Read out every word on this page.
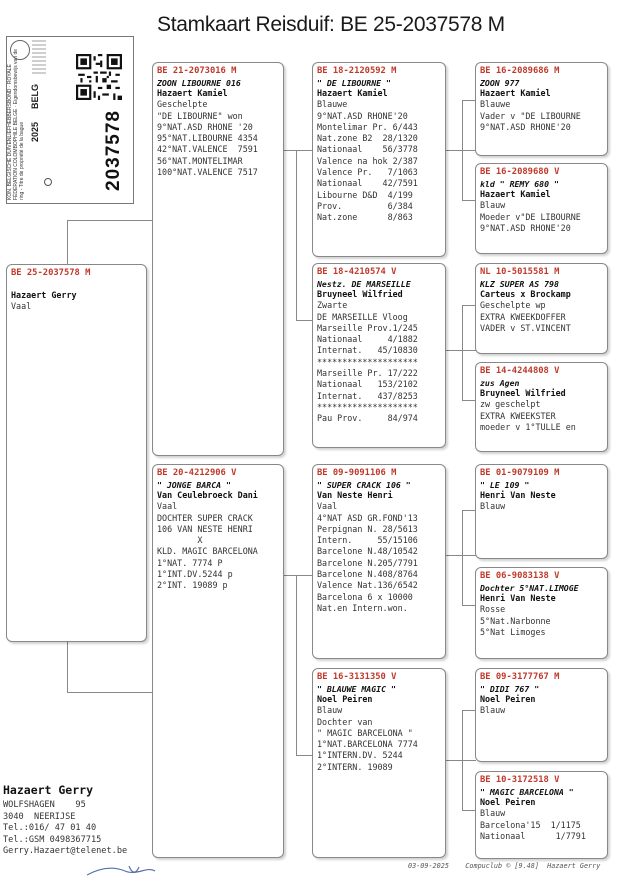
Stamkaart Reisduif: BE 25-2037578 M
KON. BELGISCHE DUIVENLIEFHEBBERSBOND · ROYALE FÉDÉRATION COLOMBOPHILE BELGE · Eigendomsbewijs van de ring - Titre de propriété de la bague
BELG
2025	2037578
BE 25-2037578 M
Hazaert Gerry
Vaal
BE 21-2073016 M
ZOON LIBOURNE 016
Hazaert Kamiel
Geschelpte
"DE LIBOURNE" won
9°NAT.ASD RHONE '20
95°NAT.LIBOURNE 4354
42°NAT.VALENCE  7591
56°NAT.MONTELIMAR
100°NAT.VALENCE 7517
BE 20-4212906 V
" JONGE BARCA "
Van Ceulebroeck Dani
Vaal
DOCHTER SUPER CRACK
106 VAN NESTE HENRI
X
KLD. MAGIC BARCELONA
1°NAT. 7774 P
1°INT.DV.5244 p
2°INT. 19089 p
BE 18-2120592 M
" DE LIBOURNE "
Hazaert Kamiel
Blauwe
9°NAT.ASD RHONE'20
Montelimar Pr. 6/443
Nat.zone B2  28/1320
Nationaal    56/3778
Valence na hok 2/387
Valence Pr.   7/1063
Nationaal    42/7591
Libourne D&D  4/199
Prov.         6/384
Nat.zone      8/863
BE 18-4210574 V
Nestz. DE MARSEILLE
Bruyneel Wilfried
Zwarte
DE MARSEILLE Vloog
Marseille Prov.1/245
Nationaal     4/1882
Internat.   45/10830
********************
Marseille Pr. 17/222
Nationaal   153/2102
Internat.   437/8253
********************
Pau Prov.     84/974
BE 09-9091106 M
" SUPER CRACK 106 "
Van Neste Henri
Vaal
4°NAT ASD GR.FOND'13
Perpignan N. 28/5613
Intern.     55/15106
Barcelone N.48/10542
Barcelone N.205/7791
Barcelone N.408/8764
Valence Nat.136/6542
Barcelona 6 x 10000
Nat.en Intern.won.
BE 16-3131350 V
" BLAUWE MAGIC "
Noel Peiren
Blauw
Dochter van
" MAGIC BARCELONA "
1°NAT.BARCELONA 7774
1°INTERN.DV. 5244
2°INTERN. 19089
BE 16-2089686 M
ZOON 977
Hazaert Kamiel
Blauwe
Vader v "DE LIBOURNE
9°NAT.ASD RHONE'20
BE 16-2089680 V
kld " REMY 680 "
Hazaert Kamiel
Blauw
Moeder v"DE LIBOURNE
9°NAT.ASD RHONE'20
NL 10-5015581 M
KLZ SUPER AS 798
Carteus x Brockamp
Geschelpte wp
EXTRA KWEEKDOFFER
VADER v ST.VINCENT
BE 14-4244808 V
zus Agen
Bruyneel Wilfried
zw geschelpt
EXTRA KWEEKSTER
moeder v 1°TULLE en
BE 01-9079109 M
" LE 109 "
Henri Van Neste
Blauw
BE 06-9083138 V
Dochter 5°NAT.LIMOGE
Henri Van Neste
Rosse
5°Nat.Narbonne
5°Nat Limoges
BE 09-3177767 M
" DIDI 767 "
Noel Peiren
Blauw
BE 10-3172518 V
" MAGIC BARCELONA "
Noel Peiren
Blauw
Barcelona'15  1/1175
Nationaal      1/7791
Hazaert Gerry
WOLFSHAGEN    95
3040  NEERIJSE
Tel.:016/ 47 01 40
Tel.:GSM 0498367715
Gerry.Hazaert@telenet.be
03-09-2025    Compuclub © [9.48]  Hazaert Gerry
